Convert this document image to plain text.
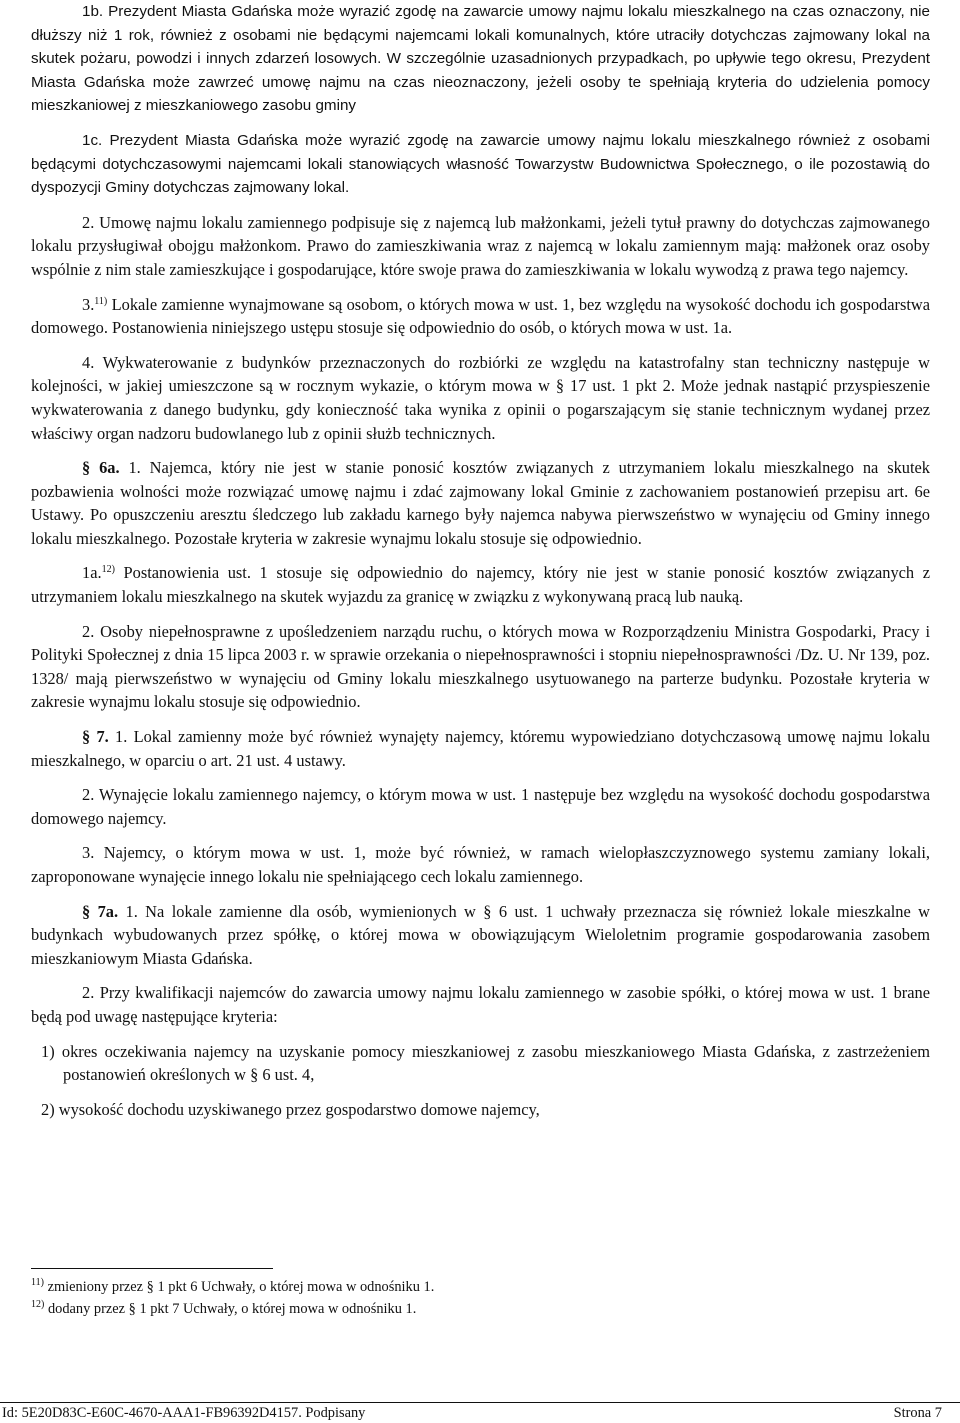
1b. Prezydent Miasta Gdańska może wyrazić zgodę na zawarcie umowy najmu lokalu mieszkalnego na czas oznaczony, nie dłuższy niż 1 rok, również z osobami nie będącymi najemcami lokali komunalnych, które utraciły dotychczas zajmowany lokal na skutek pożaru, powodzi i innych zdarzeń losowych. W szczególnie uzasadnionych przypadkach, po upływie tego okresu, Prezydent Miasta Gdańska może zawrzeć umowę najmu na czas nieoznaczony, jeżeli osoby te spełniają kryteria do udzielenia pomocy mieszkaniowej z mieszkaniowego zasobu gminy

1c. Prezydent Miasta Gdańska może wyrazić zgodę na zawarcie umowy najmu lokalu mieszkalnego również z osobami będącymi dotychczasowymi najemcami lokali stanowiących własność Towarzystw Budownictwa Społecznego, o ile pozostawią do dyspozycji Gminy dotychczas zajmowany lokal.

2. Umowę najmu lokalu zamiennego podpisuje się z najemcą lub małżonkami, jeżeli tytuł prawny do dotychczas zajmowanego lokalu przysługiwał obojgu małżonkom. Prawo do zamieszkiwania wraz z najemcą w lokalu zamiennym mają: małżonek oraz osoby wspólnie z nim stale zamieszkujące i gospodarujące, które swoje prawa do zamieszkiwania w lokalu wywodzą z prawa tego najemcy.

3.$^{11)}$ Lokale zamienne wynajmowane są osobom, o których mowa w ust. 1, bez względu na wysokość dochodu ich gospodarstwa domowego. Postanowienia niniejszego ustępu stosuje się odpowiednio do osób, o których mowa w ust. 1a.

4. Wykwaterowanie z budynków przeznaczonych do rozbiórki ze względu na katastrofalny stan techniczny następuje w kolejności, w jakiej umieszczone są w rocznym wykazie, o którym mowa w § 17 ust. 1 pkt 2. Może jednak nastąpić przyspieszenie wykwaterowania z danego budynku, gdy konieczność taka wynika z opinii o pogarszającym się stanie technicznym wydanej przez właściwy organ nadzoru budowlanego lub z opinii służb technicznych.

§ 6a. 1. Najemca, który nie jest w stanie ponosić kosztów związanych z utrzymaniem lokalu mieszkalnego na skutek pozbawienia wolności może rozwiązać umowę najmu i zdać zajmowany lokal Gminie z zachowaniem postanowień przepisu art. 6e Ustawy. Po opuszczeniu aresztu śledczego lub zakładu karnego były najemca nabywa pierwszeństwo w wynajęciu od Gminy innego lokalu mieszkalnego. Pozostałe kryteria w zakresie wynajmu lokalu stosuje się odpowiednio.

1a.$^{12)}$ Postanowienia ust. 1 stosuje się odpowiednio do najemcy, który nie jest w stanie ponosić kosztów związanych z utrzymaniem lokalu mieszkalnego na skutek wyjazdu za granicę w związku z wykonywaną pracą lub nauką.

2. Osoby niepełnosprawne z upośledzeniem narządu ruchu, o których mowa w Rozporządzeniu Ministra Gospodarki, Pracy i Polityki Społecznej z dnia 15 lipca 2003 r. w sprawie orzekania o niepełnosprawności i stopniu niepełnosprawności /Dz. U. Nr 139, poz. 1328/ mają pierwszeństwo w wynajęciu od Gminy lokalu mieszkalnego usytuowanego na parterze budynku. Pozostałe kryteria w zakresie wynajmu lokalu stosuje się odpowiednio.

§ 7. 1. Lokal zamienny może być również wynajęty najemcy, któremu wypowiedziano dotychczasową umowę najmu lokalu mieszkalnego, w oparciu o art. 21 ust. 4 ustawy.

2. Wynajęcie lokalu zamiennego najemcy, o którym mowa w ust. 1 następuje bez względu na wysokość dochodu gospodarstwa domowego najemcy.

3. Najemcy, o którym mowa w ust. 1, może być również, w ramach wielopłaszczyznowego systemu zamiany lokali, zaproponowane wynajęcie innego lokalu nie spełniającego cech lokalu zamiennego.

§ 7a. 1. Na lokale zamienne dla osób, wymienionych w § 6 ust. 1 uchwały przeznacza się również lokale mieszkalne w budynkach wybudowanych przez spółkę, o której mowa w obowiązującym Wieloletnim programie gospodarowania zasobem mieszkaniowym Miasta Gdańska.

2. Przy kwalifikacji najemców do zawarcia umowy najmu lokalu zamiennego w zasobie spółki, o której mowa w ust. 1 brane będą pod uwagę następujące kryteria:

1) okres oczekiwania najemcy na uzyskanie pomocy mieszkaniowej z zasobu mieszkaniowego Miasta Gdańska, z zastrzeżeniem postanowień określonych w § 6 ust. 4,

2) wysokość dochodu uzyskiwanego przez gospodarstwo domowe najemcy,

$^{11)}$ zmieniony przez § 1 pkt 6 Uchwały, o której mowa w odnośniku 1.

$^{12)}$ dodany przez § 1 pkt 7 Uchwały, o której mowa w odnośniku 1.

Id: 5E20D83C-E60C-4670-AAA1-FB96392D4157. Podpisany	Strona 7
